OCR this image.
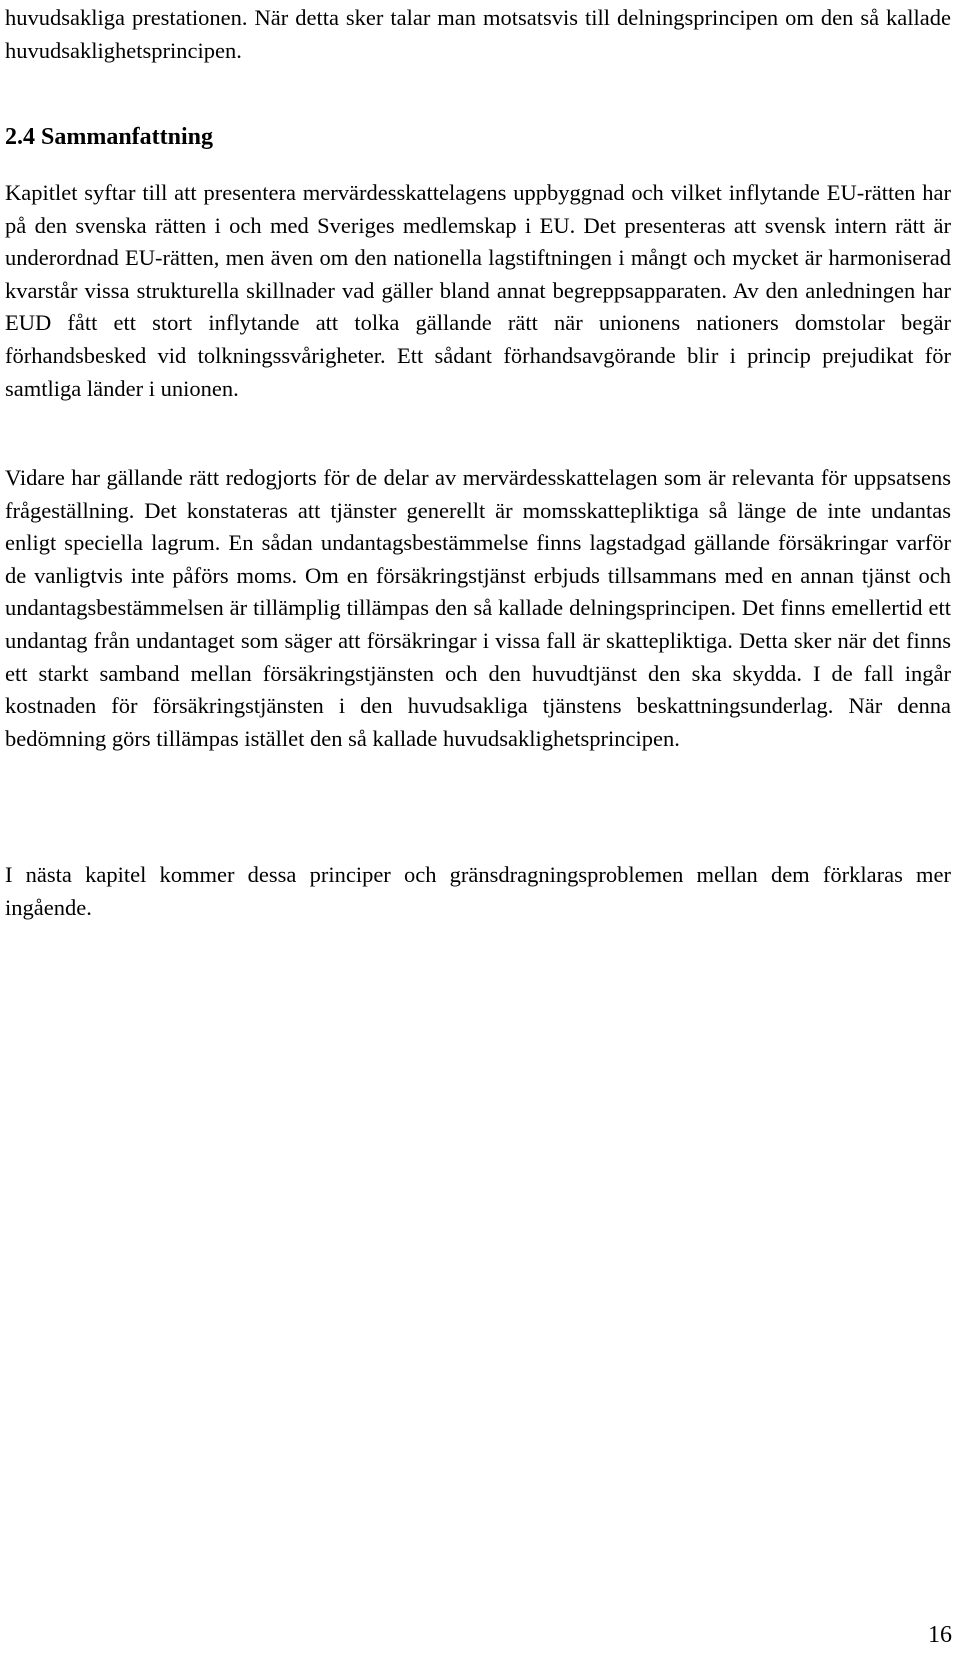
huvudsakliga prestationen. När detta sker talar man motsatsvis till delningsprincipen om den så kallade huvudsaklighetsprincipen.

2.4 Sammanfattning

Kapitlet syftar till att presentera mervärdesskattelagens uppbyggnad och vilket inflytande EU-rätten har på den svenska rätten i och med Sveriges medlemskap i EU. Det presenteras att svensk intern rätt är underordnad EU-rätten, men även om den nationella lagstiftningen i mångt och mycket är harmoniserad kvarstår vissa strukturella skillnader vad gäller bland annat begreppsapparaten. Av den anledningen har EUD fått ett stort inflytande att tolka gällande rätt när unionens nationers domstolar begär förhandsbesked vid tolkningssvårigheter. Ett sådant förhandsavgörande blir i princip prejudikat för samtliga länder i unionen.

Vidare har gällande rätt redogjorts för de delar av mervärdesskattelagen som är relevanta för uppsatsens frågeställning. Det konstateras att tjänster generellt är momsskattepliktiga så länge de inte undantas enligt speciella lagrum. En sådan undantagsbestämmelse finns lagstadgad gällande försäkringar varför de vanligtvis inte påförs moms. Om en försäkringstjänst erbjuds tillsammans med en annan tjänst och undantagsbestämmelsen är tillämplig tillämpas den så kallade delningsprincipen. Det finns emellertid ett undantag från undantaget som säger att försäkringar i vissa fall är skattepliktiga. Detta sker när det finns ett starkt samband mellan försäkringstjänsten och den huvudtjänst den ska skydda. I de fall ingår kostnaden för försäkringstjänsten i den huvudsakliga tjänstens beskattningsunderlag. När denna bedömning görs tillämpas istället den så kallade huvudsaklighetsprincipen.

I nästa kapitel kommer dessa principer och gränsdragningsproblemen mellan dem förklaras mer ingående.

16
